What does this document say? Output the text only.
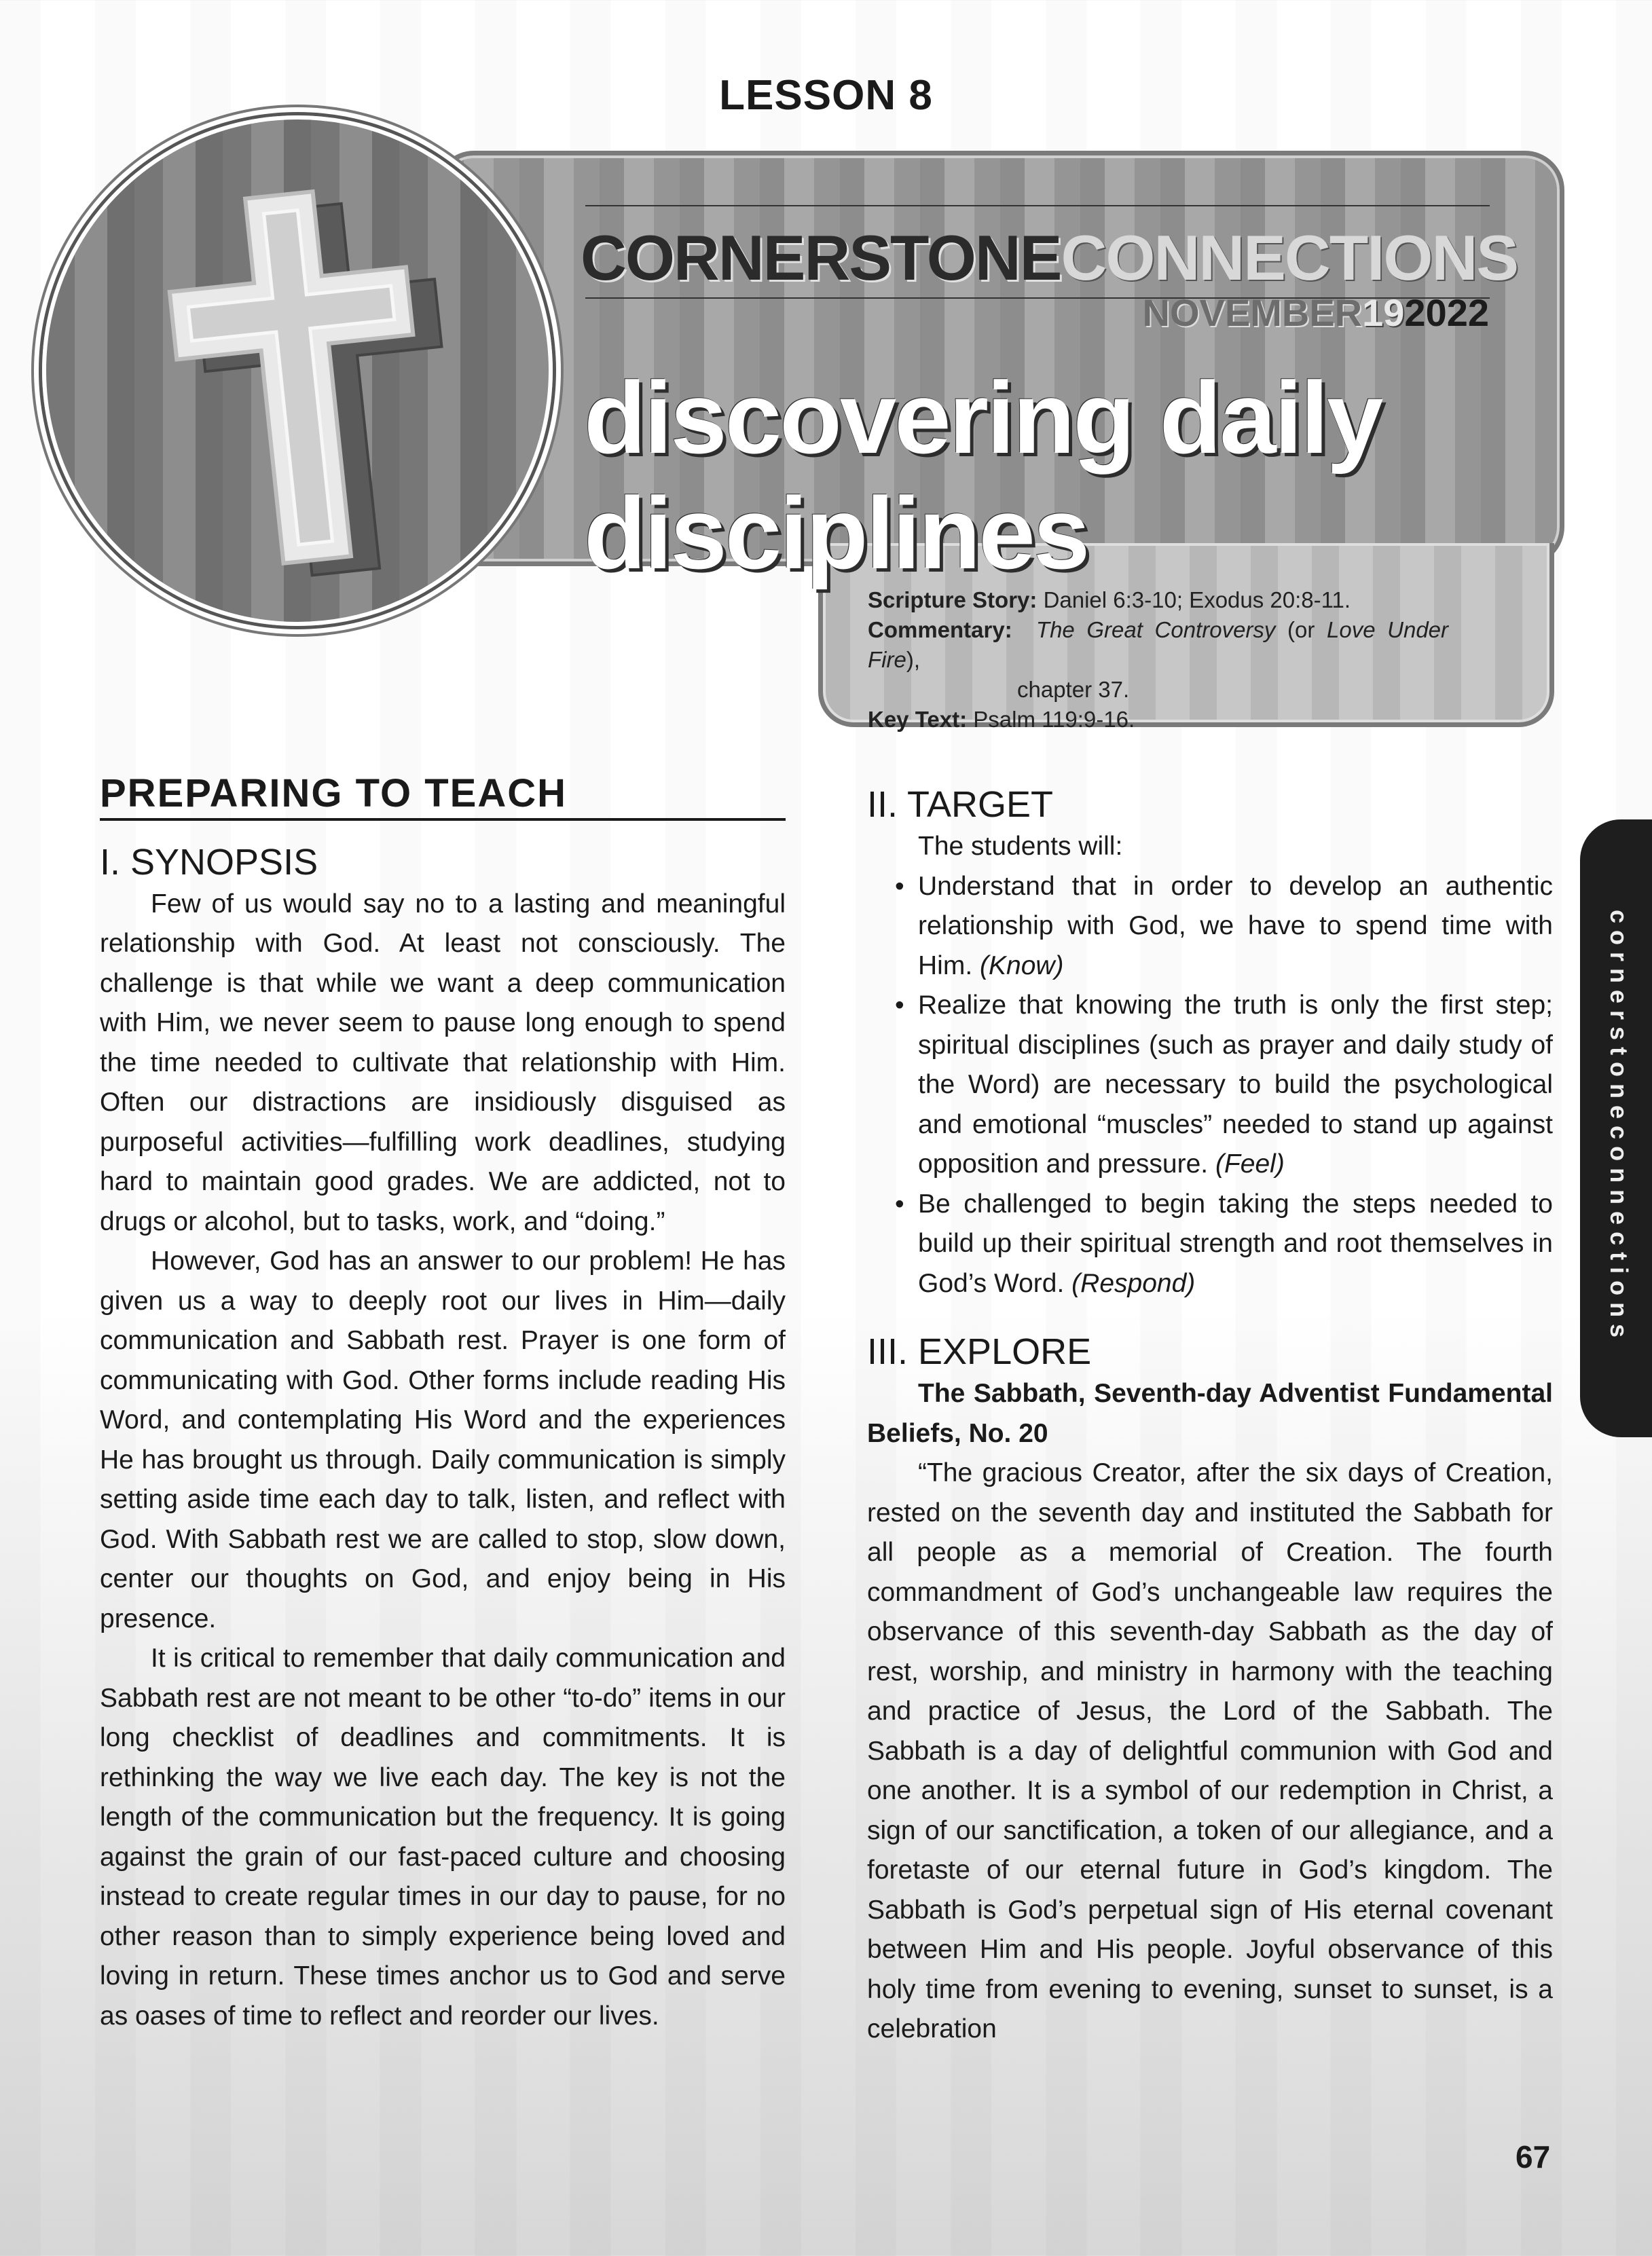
LESSON 8
CORNERSTONECONNECTIONS
NOVEMBER192022
discovering daily disciplines
Scripture Story: Daniel 6:3-10; Exodus 20:8-11.
Commentary: The Great Controversy (or Love Under Fire),
chapter 37.
Key Text: Psalm 119:9-16.
cornerstoneconnections
PREPARING TO TEACH
I. SYNOPSIS

Few of us would say no to a lasting and meaningful relationship with God. At least not consciously. The challenge is that while we want a deep communication with Him, we never seem to pause long enough to spend the time needed to cultivate that relationship with Him. Often our distractions are insidiously disguised as purposeful activities—fulfilling work deadlines, studying hard to maintain good grades. We are addicted, not to drugs or alcohol, but to tasks, work, and “doing.”

However, God has an answer to our problem! He has given us a way to deeply root our lives in Him—daily communication and Sabbath rest. Prayer is one form of communicating with God. Other forms include reading His Word, and contemplating His Word and the experiences He has brought us through. Daily communication is simply setting aside time each day to talk, listen, and reflect with God. With Sabbath rest we are called to stop, slow down, center our thoughts on God, and enjoy being in His presence.

It is critical to remember that daily communication and Sabbath rest are not meant to be other “to-do” items in our long checklist of deadlines and commitments. It is rethinking the way we live each day. The key is not the length of the communication but the frequency. It is going against the grain of our fast-paced culture and choosing instead to create regular times in our day to pause, for no other reason than to simply experience being loved and loving in return. These times anchor us to God and serve as oases of time to reflect and reorder our lives.

II. TARGET

The students will:

• Understand that in order to develop an authentic relationship with God, we have to spend time with Him. (Know)
• Realize that knowing the truth is only the first step; spiritual disciplines (such as prayer and daily study of the Word) are necessary to build the psychological and emotional “muscles” needed to stand up against opposition and pressure. (Feel)
• Be challenged to begin taking the steps needed to build up their spiritual strength and root themselves in God’s Word. (Respond)
III. EXPLORE

The Sabbath, Seventh-day Adventist Fundamental Beliefs, No. 20

“The gracious Creator, after the six days of Creation, rested on the seventh day and instituted the Sabbath for all people as a memorial of Creation. The fourth commandment of God’s unchangeable law requires the observance of this seventh-day Sabbath as the day of rest, worship, and ministry in harmony with the teaching and practice of Jesus, the Lord of the Sabbath. The Sabbath is a day of delightful communion with God and one another. It is a symbol of our redemption in Christ, a sign of our sanctification, a token of our allegiance, and a foretaste of our eternal future in God’s kingdom. The Sabbath is God’s perpetual sign of His eternal covenant between Him and His people. Joyful observance of this holy time from evening to evening, sunset to sunset, is a celebration

67
